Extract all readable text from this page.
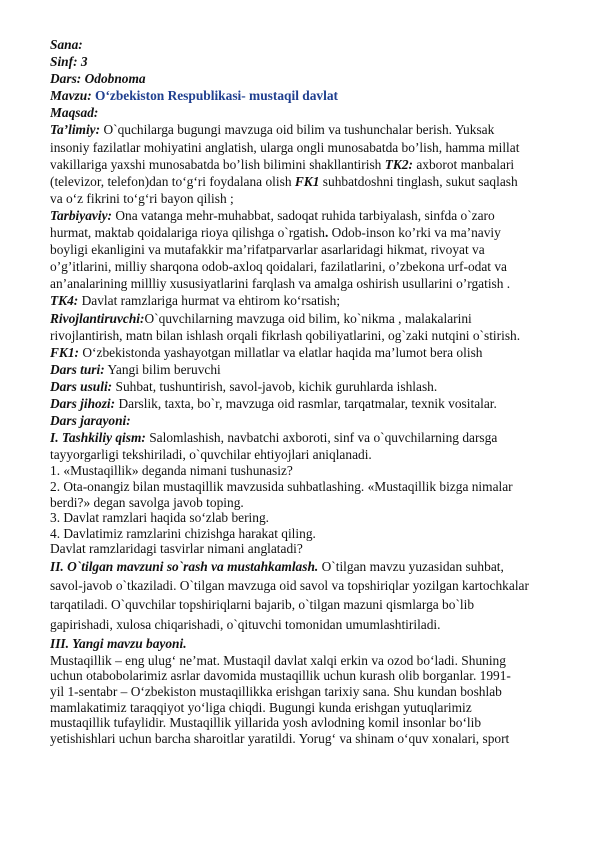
Sana:
Sinf: 3
Dars: Odobnoma
Mavzu: O‘zbekiston Respublikasi- mustaqil davlat
Maqsad:
Ta’limiy: O`quchilarga bugungi mavzuga oid bilim va tushunchalar berish. Yuksak
insoniy fazilatlar mohiyatini anglatish, ularga ongli munosabatda bo’lish, hamma millat
vakillariga yaxshi munosabatda bo’lish bilimini shakllantirish TK2: axborot manbalari
(televizor, telefon)dan to‘g‘ri foydalana olish FK1 suhbatdoshni tinglash, sukut saqlash
va o‘z fikrini to‘g‘ri bayon qilish ;
Tarbiyaviy: Ona vatanga mehr-muhabbat, sadoqat ruhida tarbiyalash, sinfda o`zaro
hurmat, maktab qoidalariga rioya qilishga o`rgatish. Odob-inson ko’rki va ma’naviy
boyligi ekanligini va mutafakkir ma’rifatparvarlar asarlaridagi hikmat, rivoyat va
o’g’itlarini, milliy sharqona odob-axloq qoidalari, fazilatlarini, o’zbekona urf-odat va
an’analarining millliy xususiyatlarini farqlash va amalga oshirish usullarini o’rgatish .
TK4: Davlat ramzlariga hurmat va ehtirom ko‘rsatish;
Rivojlantiruvchi:O`quvchilarning mavzuga oid bilim, ko`nikma , malakalarini
rivojlantirish, matn bilan ishlash orqali fikrlash qobiliyatlarini, og`zaki nutqini o`stirish.
FK1: O‘zbekistonda yashayotgan millatlar va elatlar haqida ma’lumot bera olish
Dars turi: Yangi bilim beruvchi
Dars usuli: Suhbat, tushuntirish, savol-javob, kichik guruhlarda ishlash.
Dars jihozi: Darslik, taxta, bo`r, mavzuga oid rasmlar, tarqatmalar, texnik vositalar.
Dars jarayoni:
I. Tashkiliy qism: Salomlashish, navbatchi axboroti, sinf va o`quvchilarning darsga
tayyorgarligi tekshiriladi, o`quvchilar ehtiyojlari aniqlanadi.
1. «Mustaqillik» deganda nimani tushunasiz?
2. Ota-onangiz bilan mustaqillik mavzusida suhbatlashing. «Mustaqillik bizga nimalar
berdi?» degan savolga javob toping.
3. Davlat ramzlari haqida so‘zlab bering.
4. Davlatimiz ramzlarini chizishga harakat qiling.
Davlat ramzlaridagi tasvirlar nimani anglatadi?
II. O`tilgan mavzuni so`rash va mustahkamlash. O`tilgan mavzu yuzasidan suhbat,
savol-javob o`tkaziladi. O`tilgan mavzuga oid savol va topshiriqlar yozilgan kartochkalar
tarqatiladi. O`quvchilar topshiriqlarni bajarib, o`tilgan mazuni qismlarga bo`lib
gapirishadi, xulosa chiqarishadi, o`qituvchi tomonidan umumlashtiriladi.
III. Yangi mavzu bayoni.
Mustaqillik – eng ulug‘ ne’mat. Mustaqil davlat xalqi erkin va ozod bo‘ladi. Shuning
uchun otabobolarimiz asrlar davomida mustaqillik uchun kurash olib borganlar. 1991-
yil 1-sentabr – O‘zbekiston mustaqillikka erishgan tarixiy sana. Shu kundan boshlab
mamlakatimiz taraqqiyot yo‘liga chiqdi. Bugungi kunda erishgan yutuqlarimiz
mustaqillik tufaylidir. Mustaqillik yillarida yosh avlodning komil insonlar bo‘lib
yetishishlari uchun barcha sharoitlar yaratildi. Yorug‘ va shinam o‘quv xonalari, sport
